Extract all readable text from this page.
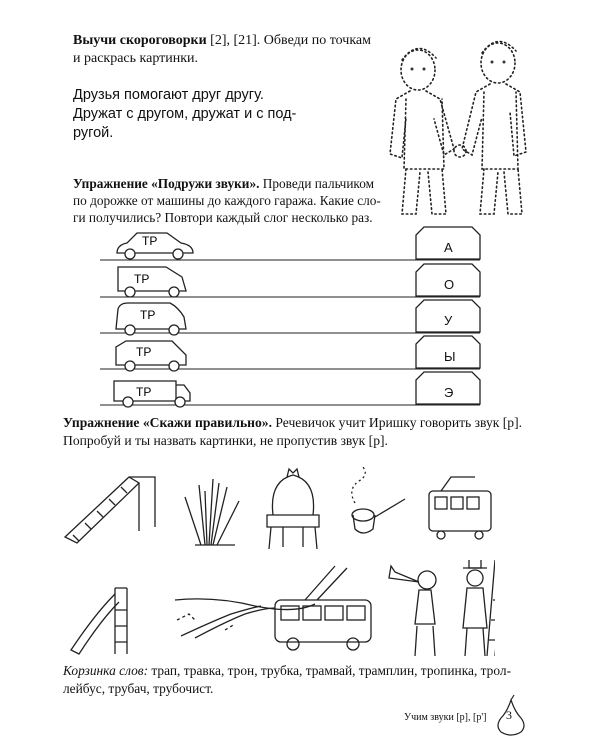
Выучи скороговорки [2], [21]. Обведи по точкам и раскрась картинки.
Друзья помогают друг другу.
Дружат с другом, дружат и с под-
ругой.
Упражнение «Подружи звуки». Проведи пальчиком по дорожке от машины до каждого гаража. Какие сло-ги получились? Повтори каждый слог несколько раз.
ТР
ТР
ТР
ТР
ТР
А
О
У
Ы
Э
Упражнение «Скажи правильно». Речевичок учит Иришку говорить звук [р]. Попробуй и ты назвать картинки, не пропустив звук [р].
Корзинка слов: трап, травка, трон, трубка, трамвай, трамплин, тропинка, трол-лейбус, трубач, трубочист.
Учим звуки [р], [р'] 3
